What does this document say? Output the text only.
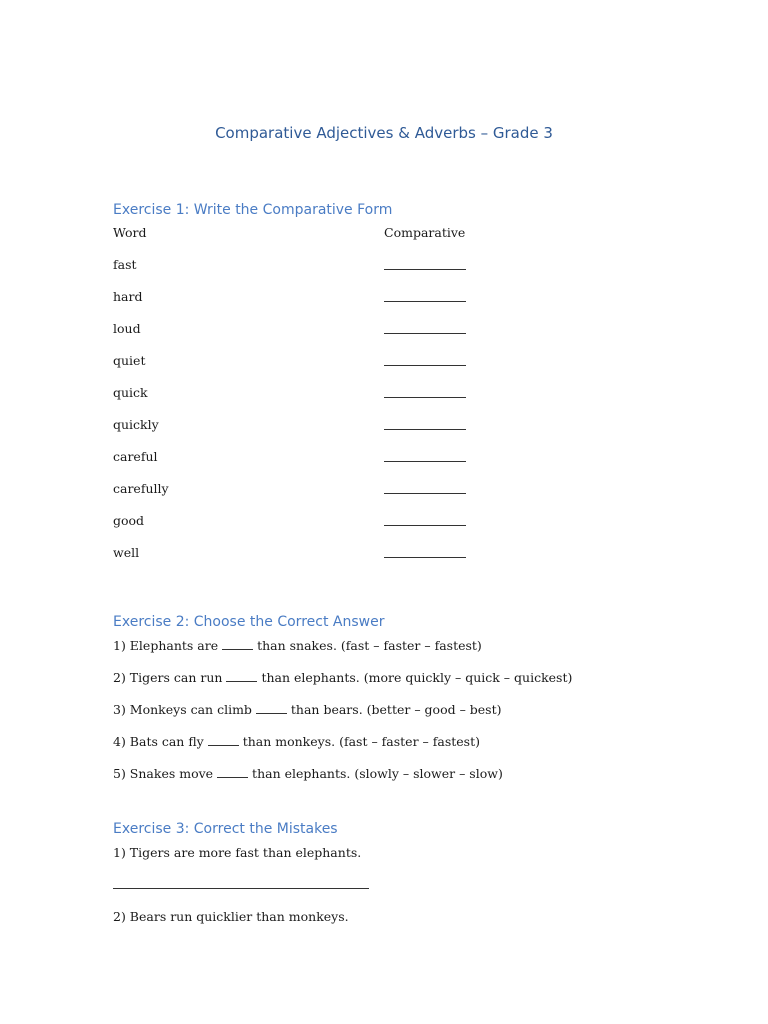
Comparative Adjectives & Adverbs – Grade 3
Exercise 1: Write the Comparative Form

Word	Comparative

fast

hard

loud

quiet

quick

quickly

careful

carefully

good

well

Exercise 2: Choose the Correct Answer

1) Elephants are	than snakes. (fast – faster – fastest)

2) Tigers can run	than elephants. (more quickly – quick – quickest)

3) Monkeys can climb	than bears. (better – good – best)

4) Bats can fly	than monkeys. (fast – faster – fastest)

5) Snakes move	than elephants. (slowly – slower – slow)

Exercise 3: Correct the Mistakes

1) Tigers are more fast than elephants.

2) Bears run quicklier than monkeys.
